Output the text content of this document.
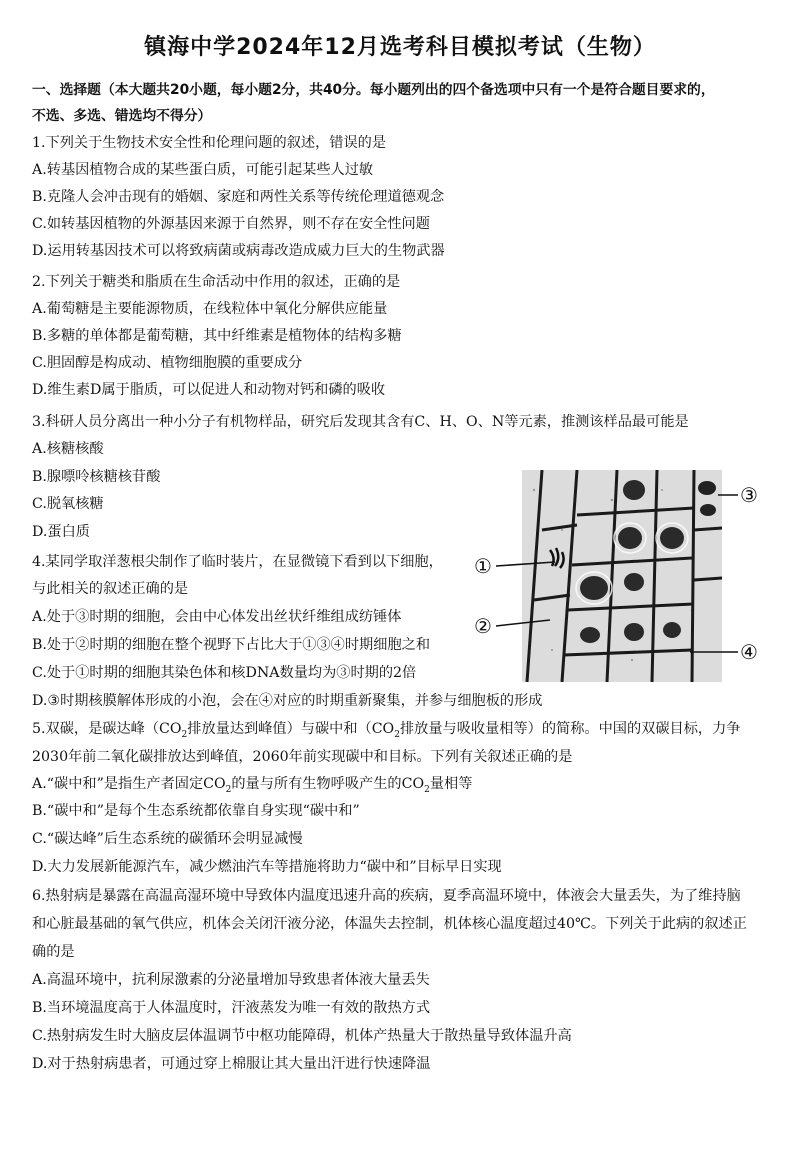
镇海中学2024年12月选考科目模拟考试（生物）
一、选择题（本大题共20小题，每小题2分，共40分。每小题列出的四个备选项中只有一个是符合题目要求的，
不选、多选、错选均不得分）
1.下列关于生物技术安全性和伦理问题的叙述，错误的是
A.转基因植物合成的某些蛋白质，可能引起某些人过敏
B.克隆人会冲击现有的婚姻、家庭和两性关系等传统伦理道德观念
C.如转基因植物的外源基因来源于自然界，则不存在安全性问题
D.运用转基因技术可以将致病菌或病毒改造成威力巨大的生物武器
2.下列关于糖类和脂质在生命活动中作用的叙述，正确的是
A.葡萄糖是主要能源物质，在线粒体中氧化分解供应能量
B.多糖的单体都是葡萄糖，其中纤维素是植物体的结构多糖
C.胆固醇是构成动、植物细胞膜的重要成分
D.维生素D属于脂质，可以促进人和动物对钙和磷的吸收
3.科研人员分离出一种小分子有机物样品，研究后发现其含有C、H、O、N等元素，推测该样品最可能是
A.核糖核酸
B.腺嘌呤核糖核苷酸
C.脱氧核糖
D.蛋白质
4.某同学取洋葱根尖制作了临时装片，在显微镜下看到以下细胞，
与此相关的叙述正确的是
A.处于③时期的细胞，会由中心体发出丝状纤维组成纺锤体
B.处于②时期的细胞在整个视野下占比大于①③④时期细胞之和
C.处于①时期的细胞其染色体和核DNA数量均为③时期的2倍
D.③时期核膜解体形成的小泡，会在④对应的时期重新聚集，并参与细胞板的形成
①
②
③
④
5.双碳，是碳达峰（$CO_2$排放量达到峰值）与碳中和（$CO_2$排放量与吸收量相等）的简称。中国的双碳目标，力争
2030年前二氧化碳排放达到峰值，2060年前实现碳中和目标。下列有关叙述正确的是
A.“碳中和”是指生产者固定$CO_2$的量与所有生物呼吸产生的$CO_2$量相等
B.“碳中和”是每个生态系统都依靠自身实现“碳中和”
C.“碳达峰”后生态系统的碳循环会明显减慢
D.大力发展新能源汽车，减少燃油汽车等措施将助力“碳中和”目标早日实现
6.热射病是暴露在高温高湿环境中导致体内温度迅速升高的疾病，夏季高温环境中，体液会大量丢失，为了维持脑
和心脏最基础的氧气供应，机体会关闭汗液分泌，体温失去控制，机体核心温度超过40℃。下列关于此病的叙述正
确的是
A.高温环境中，抗利尿激素的分泌量增加导致患者体液大量丢失
B.当环境温度高于人体温度时，汗液蒸发为唯一有效的散热方式
C.热射病发生时大脑皮层体温调节中枢功能障碍，机体产热量大于散热量导致体温升高
D.对于热射病患者，可通过穿上棉服让其大量出汗进行快速降温
